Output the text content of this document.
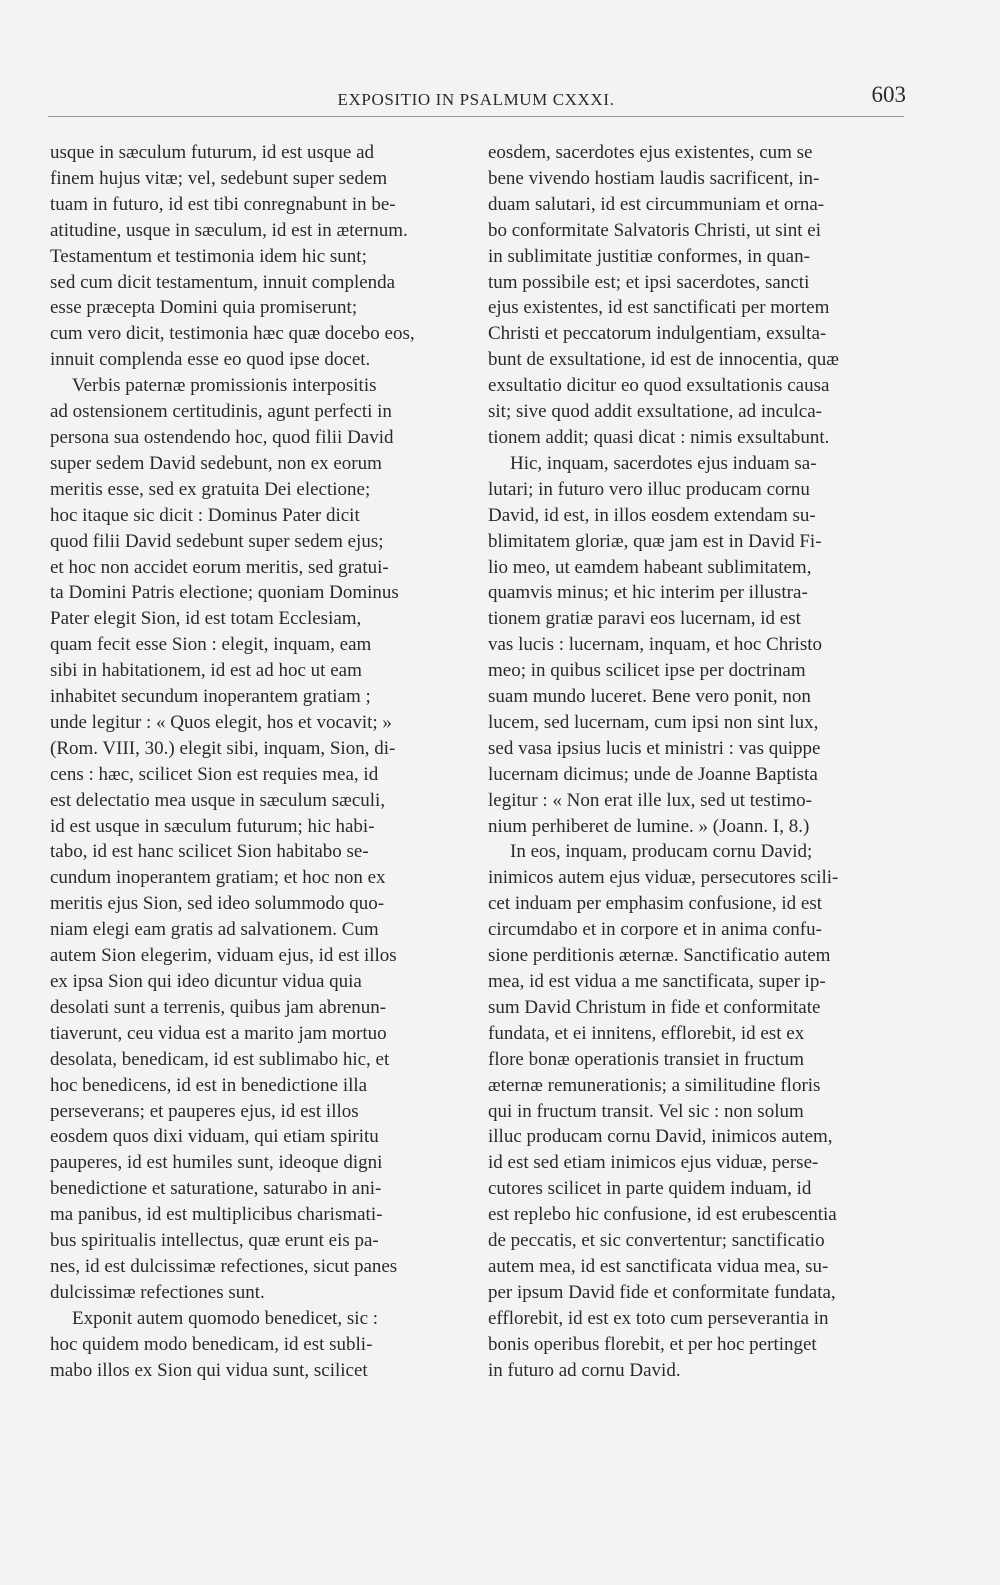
EXPOSITIO IN PSALMUM CXXXI.	603
usque in sæculum futurum, id est usque ad
finem hujus vitæ; vel, sedebunt super sedem
tuam in futuro, id est tibi conregnabunt in be-
atitudine, usque in sæculum, id est in æternum.
Testamentum et testimonia idem hic sunt;
sed cum dicit testamentum, innuit complenda
esse præcepta Domini quia promiserunt;
cum vero dicit, testimonia hæc quæ docebo eos,
innuit complenda esse eo quod ipse docet.
Verbis paternæ promissionis interpositis
ad ostensionem certitudinis, agunt perfecti in
persona sua ostendendo hoc, quod filii David
super sedem David sedebunt, non ex eorum
meritis esse, sed ex gratuita Dei electione;
hoc itaque sic dicit : Dominus Pater dicit
quod filii David sedebunt super sedem ejus;
et hoc non accidet eorum meritis, sed gratui-
ta Domini Patris electione; quoniam Dominus
Pater elegit Sion, id est totam Ecclesiam,
quam fecit esse Sion : elegit, inquam, eam
sibi in habitationem, id est ad hoc ut eam
inhabitet secundum inoperantem gratiam ;
unde legitur : « Quos elegit, hos et vocavit; »
(Rom. VIII, 30.) elegit sibi, inquam, Sion, di-
cens : hæc, scilicet Sion est requies mea, id
est delectatio mea usque in sæculum sæculi,
id est usque in sæculum futurum; hic habi-
tabo, id est hanc scilicet Sion habitabo se-
cundum inoperantem gratiam; et hoc non ex
meritis ejus Sion, sed ideo solummodo quo-
niam elegi eam gratis ad salvationem. Cum
autem Sion elegerim, viduam ejus, id est illos
ex ipsa Sion qui ideo dicuntur vidua quia
desolati sunt a terrenis, quibus jam abrenun-
tiaverunt, ceu vidua est a marito jam mortuo
desolata, benedicam, id est sublimabo hic, et
hoc benedicens, id est in benedictione illa
perseverans; et pauperes ejus, id est illos
eosdem quos dixi viduam, qui etiam spiritu
pauperes, id est humiles sunt, ideoque digni
benedictione et saturatione, saturabo in ani-
ma panibus, id est multiplicibus charismati-
bus spiritualis intellectus, quæ erunt eis pa-
nes, id est dulcissimæ refectiones, sicut panes
dulcissimæ refectiones sunt.
Exponit autem quomodo benedicet, sic :
hoc quidem modo benedicam, id est subli-
mabo illos ex Sion qui vidua sunt, scilicet
eosdem, sacerdotes ejus existentes, cum se
bene vivendo hostiam laudis sacrificent, in-
duam salutari, id est circummuniam et orna-
bo conformitate Salvatoris Christi, ut sint ei
in sublimitate justitiæ conformes, in quan-
tum possibile est; et ipsi sacerdotes, sancti
ejus existentes, id est sanctificati per mortem
Christi et peccatorum indulgentiam, exsulta-
bunt de exsultatione, id est de innocentia, quæ
exsultatio dicitur eo quod exsultationis causa
sit; sive quod addit exsultatione, ad inculca-
tionem addit; quasi dicat : nimis exsultabunt.
Hic, inquam, sacerdotes ejus induam sa-
lutari; in futuro vero illuc producam cornu
David, id est, in illos eosdem extendam su-
blimitatem gloriæ, quæ jam est in David Fi-
lio meo, ut eamdem habeant sublimitatem,
quamvis minus; et hic interim per illustra-
tionem gratiæ paravi eos lucernam, id est
vas lucis : lucernam, inquam, et hoc Christo
meo; in quibus scilicet ipse per doctrinam
suam mundo luceret. Bene vero ponit, non
lucem, sed lucernam, cum ipsi non sint lux,
sed vasa ipsius lucis et ministri : vas quippe
lucernam dicimus; unde de Joanne Baptista
legitur : « Non erat ille lux, sed ut testimo-
nium perhiberet de lumine. » (Joann. I, 8.)
In eos, inquam, producam cornu David;
inimicos autem ejus viduæ, persecutores scili-
cet induam per emphasim confusione, id est
circumdabo et in corpore et in anima confu-
sione perditionis æternæ. Sanctificatio autem
mea, id est vidua a me sanctificata, super ip-
sum David Christum in fide et conformitate
fundata, et ei innitens, efflorebit, id est ex
flore bonæ operationis transiet in fructum
æternæ remunerationis; a similitudine floris
qui in fructum transit. Vel sic : non solum
illuc producam cornu David, inimicos autem,
id est sed etiam inimicos ejus viduæ, perse-
cutores scilicet in parte quidem induam, id
est replebo hic confusione, id est erubescentia
de peccatis, et sic convertentur; sanctificatio
autem mea, id est sanctificata vidua mea, su-
per ipsum David fide et conformitate fundata,
efflorebit, id est ex toto cum perseverantia in
bonis operibus florebit, et per hoc pertinget
in futuro ad cornu David.
